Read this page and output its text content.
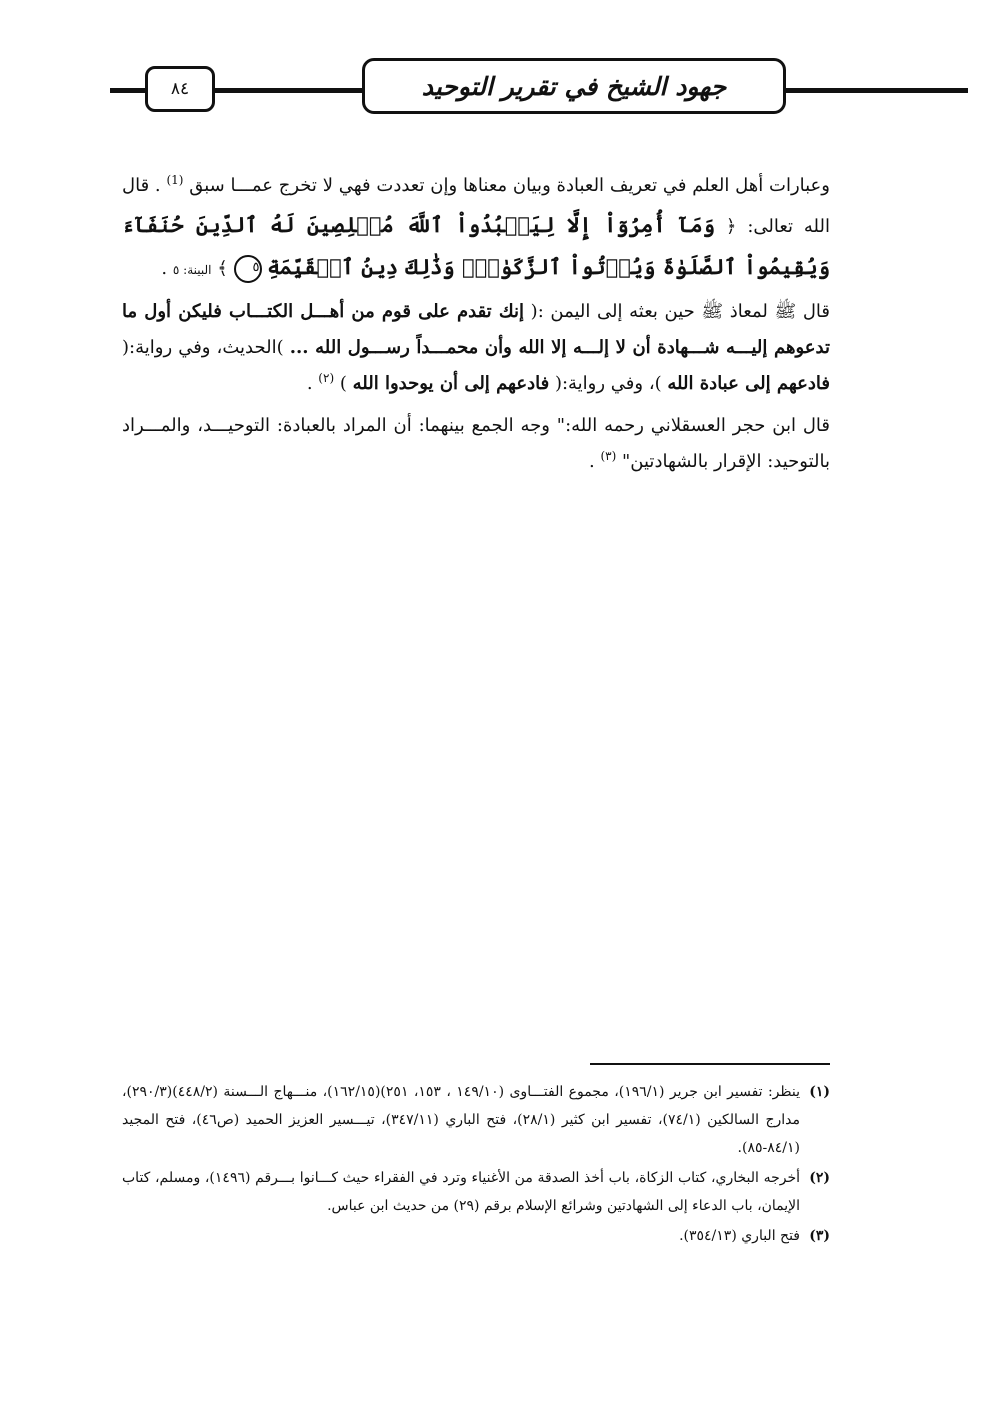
٨٤	جهود الشيخ في تقرير التوحيد

وعبارات أهل العلم في تعريف العبادة وبيان معناها وإن تعددت فهي لا تخرج عمـــا سبق $^{(1)}$ . قال الله تعالى: ﴿ وَمَآ أُمِرُوٓاْ إِلَّا لِيَعۡبُدُواْ ٱللَّهَ مُخۡلِصِينَ لَهُ ٱلدِّينَ حُنَفَآءَ وَيُقِيمُواْ ٱلصَّلَوٰةَ وَيُؤۡتُواْ ٱلزَّكَوٰةَۚ وَذَٰلِكَ دِينُ ٱلۡقَيِّمَةِ ٥ ﴾ البينة: ٥ .

قال ﷺ لمعاذ ﷺ حين بعثه إلى اليمن :( إنك تقدم على قوم من أهـــل الكتـــاب فليكن أول ما تدعوهم إليـــه شـــهادة أن لا إلـــه إلا الله وأن محمـــداً رســـول الله ... )الحديث، وفي رواية:( فادعهم إلى عبادة الله )، وفي رواية:( فادعهم إلى أن يوحدوا الله ) $^{(٢)}$ .

قال ابن حجر العسقلاني رحمه الله:" وجه الجمع بينهما: أن المراد بالعبادة: التوحيـــد، والمـــراد بالتوحيد: الإقرار بالشهادتين" $^{(٣)}$ .

(١)
ينظر: تفسير ابن جرير (١٩٦/١)، مجموع الفتـــاوى (١٤٩/١٠ ، ١٥٣، ٢٥١)(١٦٢/١٥)، منـــهاج الـــسنة (٤٤٨/٢)(٢٩٠/٣)، مدارج السالكين (٧٤/١)، تفسير ابن كثير (٢٨/١)، فتح الباري (٣٤٧/١١)، تيـــسير العزيز الحميد (ص٤٦)، فتح المجيد (٨٤/١-٨٥).

(٢)
أخرجه البخاري، كتاب الزكاة، باب أخذ الصدقة من الأغنياء وترد في الفقراء حيث كـــانوا بـــرقم (١٤٩٦)، ومسلم، كتاب الإيمان، باب الدعاء إلى الشهادتين وشرائع الإسلام برقم (٢٩) من حديث ابن عباس.

(٣)
فتح الباري (٣٥٤/١٣).
